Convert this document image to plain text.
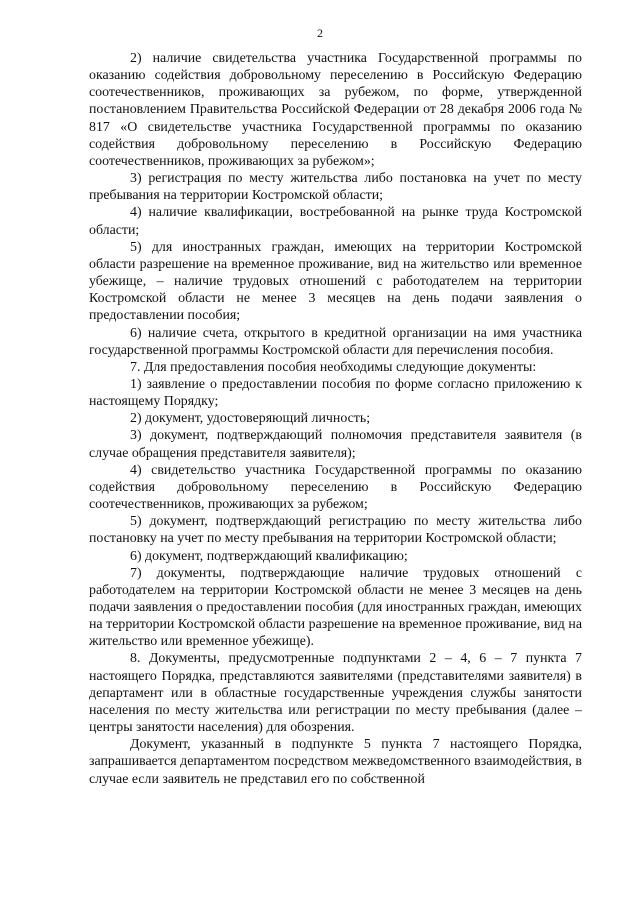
2

2) наличие свидетельства участника Государственной программы по оказанию содействия добровольному переселению в Российскую Федерацию соотечественников, проживающих за рубежом, по форме, утвержденной постановлением Правительства Российской Федерации от 28 декабря 2006 года № 817 «О свидетельстве участника Государственной программы по оказанию содействия добровольному переселению в Российскую Федерацию соотечественников, проживающих за рубежом»;

3) регистрация по месту жительства либо постановка на учет по месту пребывания на территории Костромской области;

4) наличие квалификации, востребованной на рынке труда Костромской области;

5) для иностранных граждан, имеющих на территории Костромской области разрешение на временное проживание, вид на жительство или временное убежище, – наличие трудовых отношений с работодателем на территории Костромской области не менее 3 месяцев на день подачи заявления о предоставлении пособия;

6) наличие счета, открытого в кредитной организации на имя участника государственной программы Костромской области для перечисления пособия.

7. Для предоставления пособия необходимы следующие документы:

1) заявление о предоставлении пособия по форме согласно приложению к настоящему Порядку;

2) документ, удостоверяющий личность;

3) документ, подтверждающий полномочия представителя заявителя (в случае обращения представителя заявителя);

4) свидетельство участника Государственной программы по оказанию содействия добровольному переселению в Российскую Федерацию соотечественников, проживающих за рубежом;

5) документ, подтверждающий регистрацию по месту жительства либо постановку на учет по месту пребывания на территории Костромской области;

6) документ, подтверждающий квалификацию;

7) документы, подтверждающие наличие трудовых отношений с работодателем на территории Костромской области не менее 3 месяцев на день подачи заявления о предоставлении пособия (для иностранных граждан, имеющих на территории Костромской области разрешение на временное проживание, вид на жительство или временное убежище).

8. Документы, предусмотренные подпунктами 2 – 4, 6 – 7 пункта 7 настоящего Порядка, представляются заявителями (представителями заявителя) в департамент или в областные государственные учреждения службы занятости населения по месту жительства или регистрации по месту пребывания (далее – центры занятости населения) для обозрения.

Документ, указанный в подпункте 5 пункта 7 настоящего Порядка, запрашивается департаментом посредством межведомственного взаимодействия, в случае если заявитель не представил его по собственной
